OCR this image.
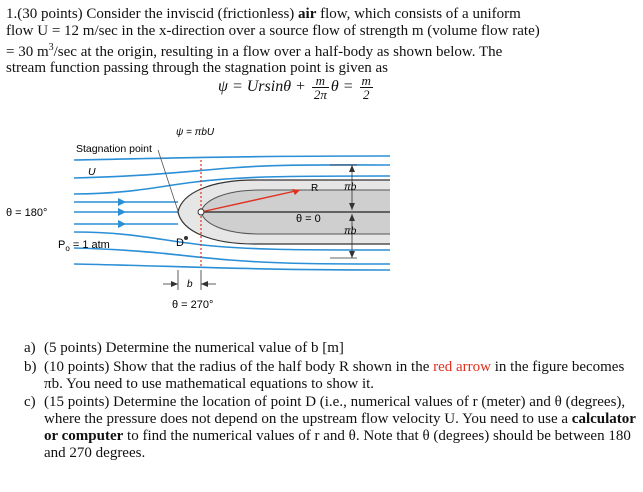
1.(30 points) Consider the inviscid (frictionless) air flow, which consists of a uniform

flow U = 12 m/sec in the x-direction over a source flow of strength m (volume flow rate)

= 30 $m^3/\sec$ at the origin, resulting in a flow over a half-body as shown below. The

stream function passing through the stagnation point is given as

$\psi = Ursin\theta + \frac{m}{2\pi}$ $\theta = \frac{m}{2}$
R
D
ψ = πbU
Stagnation point
U
θ = 180°
$P_o = 1$ atm
θ = 0
πb
πb
b
θ = 270°
a) (5 points) Determine the numerical value of b [m]
b) (10 points) Show that the radius of the half body R shown in the red arrow in the figure becomes πb. You need to use mathematical equations to show it.
c) (15 points) Determine the location of point D (i.e., numerical values of r (meter) and θ (degrees), where the pressure does not depend on the upstream flow velocity U. You need to use a calculator or computer to find the numerical values of r and θ. Note that θ (degrees) should be between 180 and 270 degrees.
